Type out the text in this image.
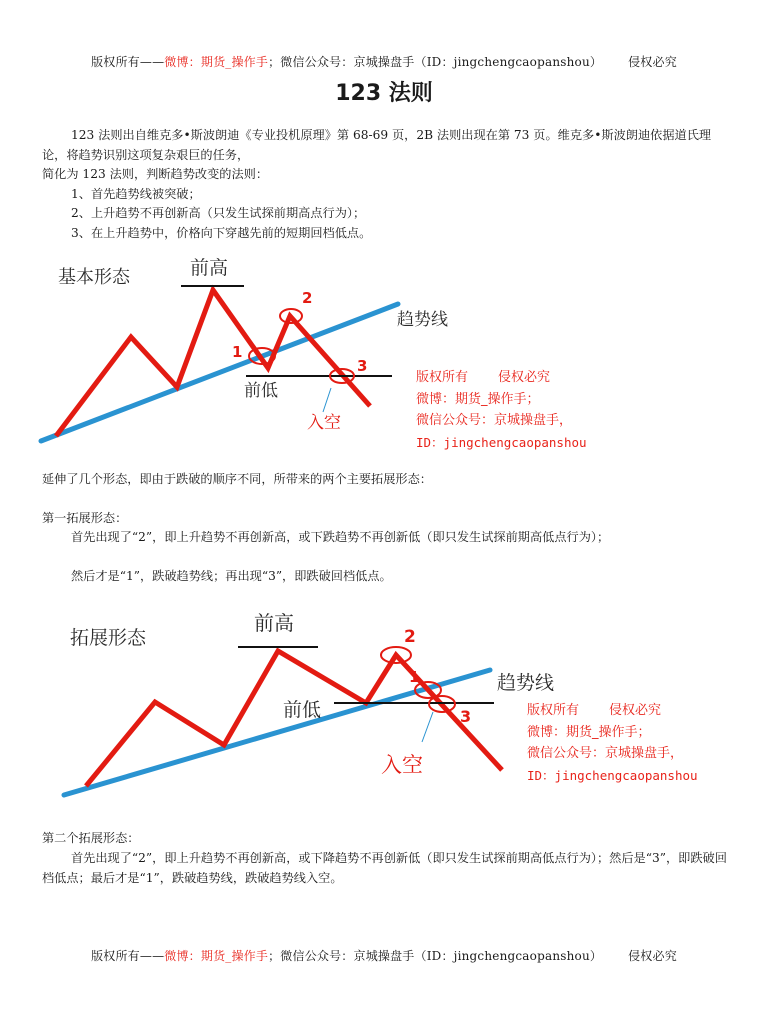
版权所有——微博：期货_操作手；微信公众号：京城操盘手（ID：jingchengcaopanshou） 侵权必究
123 法则
123 法则出自维克多•斯波朗迪《专业投机原理》第 68-69 页，2B 法则出现在第 73 页。维克多•斯波朗迪依据道氏理论，将趋势识别这项复杂艰巨的任务，
简化为 123 法则，判断趋势改变的法则：
1、首先趋势线被突破；
2、上升趋势不再创新高（只发生试探前期高点行为）；
3、在上升趋势中，价格向下穿越先前的短期回档低点。
基本形态	前高
前低
趋势线
入空
1
2
3
版权所有 侵权必究
微博：期货_操作手；
微信公众号：京城操盘手，
ID：jingchengcaopanshou
延伸了几个形态，即由于跌破的顺序不同，所带来的两个主要拓展形态：
第一拓展形态：
首先出现了“2”，即上升趋势不再创新高，或下跌趋势不再创新低（即只发生试探前期高低点行为）；
然后才是“1”，跌破趋势线；再出现“3”，即跌破回档低点。
拓展形态
前高
前低
趋势线
入空
1
2
3	版权所有 侵权必究
微博：期货_操作手；
微信公众号：京城操盘手，
ID：jingchengcaopanshou
第二个拓展形态：
首先出现了“2”，即上升趋势不再创新高，或下降趋势不再创新低（即只发生试探前期高低点行为）；然后是“3”，即跌破回档低点；最后才是“1”，跌破趋势线，跌破趋势线入空。
版权所有——微博：期货_操作手；微信公众号：京城操盘手（ID：jingchengcaopanshou） 侵权必究
